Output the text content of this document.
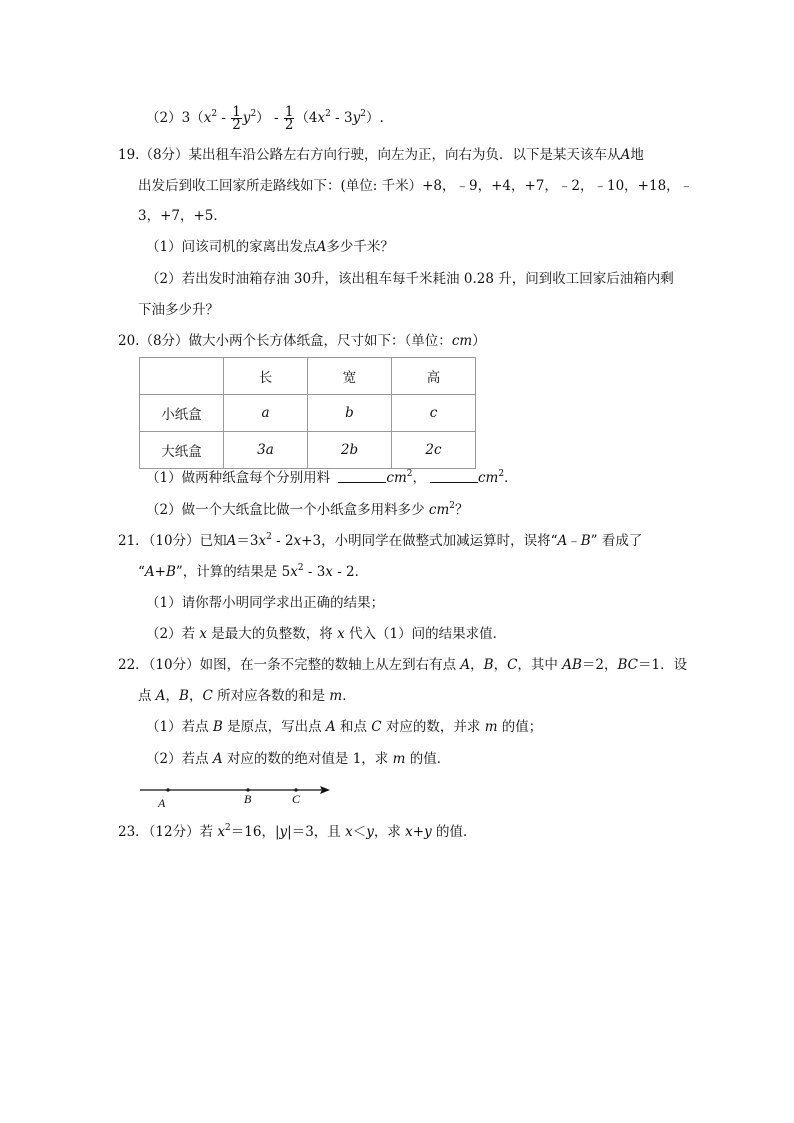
$(2)3(x^2 - \frac{1}{2} y^2) - \frac{1}{2} (4x^2 - 3y^2)$.
19.（8分）某出租车沿公路左右方向行驶，向左为正，向右为负．以下是某天该车从A地
出发后到收工回家所走路线如下：(单位: 千米）+8，﹣9，+4，+7，﹣2，﹣10，+18，﹣
3，+7，+5．
（1）问该司机的家离出发点A多少千米？
（2）若出发时油箱存油 30升，该出租车每千米耗油 0.28 升，问到收工回家后油箱内剩
下油多少升？
20.（8分）做大小两个长方体纸盒，尺寸如下：（单位：cm）
	长	宽	高
小纸盒	a	b	c
大纸盒	3a	2b	2c
（1）做两种纸盒每个分别用料	$cm^2$，	$cm^2$．
（2）做一个大纸盒比做一个小纸盒多用料多少 $cm^2$？
21．（10分）已知$A=3x^2 - 2x+3$，小明同学在做整式加减运算时，误将“A﹣B” 看成了
“A+B”，计算的结果是 $5x^2 - 3x - 2$．
（1）请你帮小明同学求出正确的结果；
（2）若 x 是最大的负整数，将 x 代入（1）问的结果求值．
22．（10分）如图，在一条不完整的数轴上从左到右有点 A，B，C，其中 AB＝2，BC＝1．设
点 A，B，C 所对应各数的和是 m．
（1）若点 B 是原点，写出点 A 和点 C 对应的数，并求 m 的值；
（2）若点 A 对应的数的绝对值是 1，求 m 的值．
A	B	C
23．（12分）若 $x^2=16$，|y|＝3，且 x＜y，求 x+y 的值．
